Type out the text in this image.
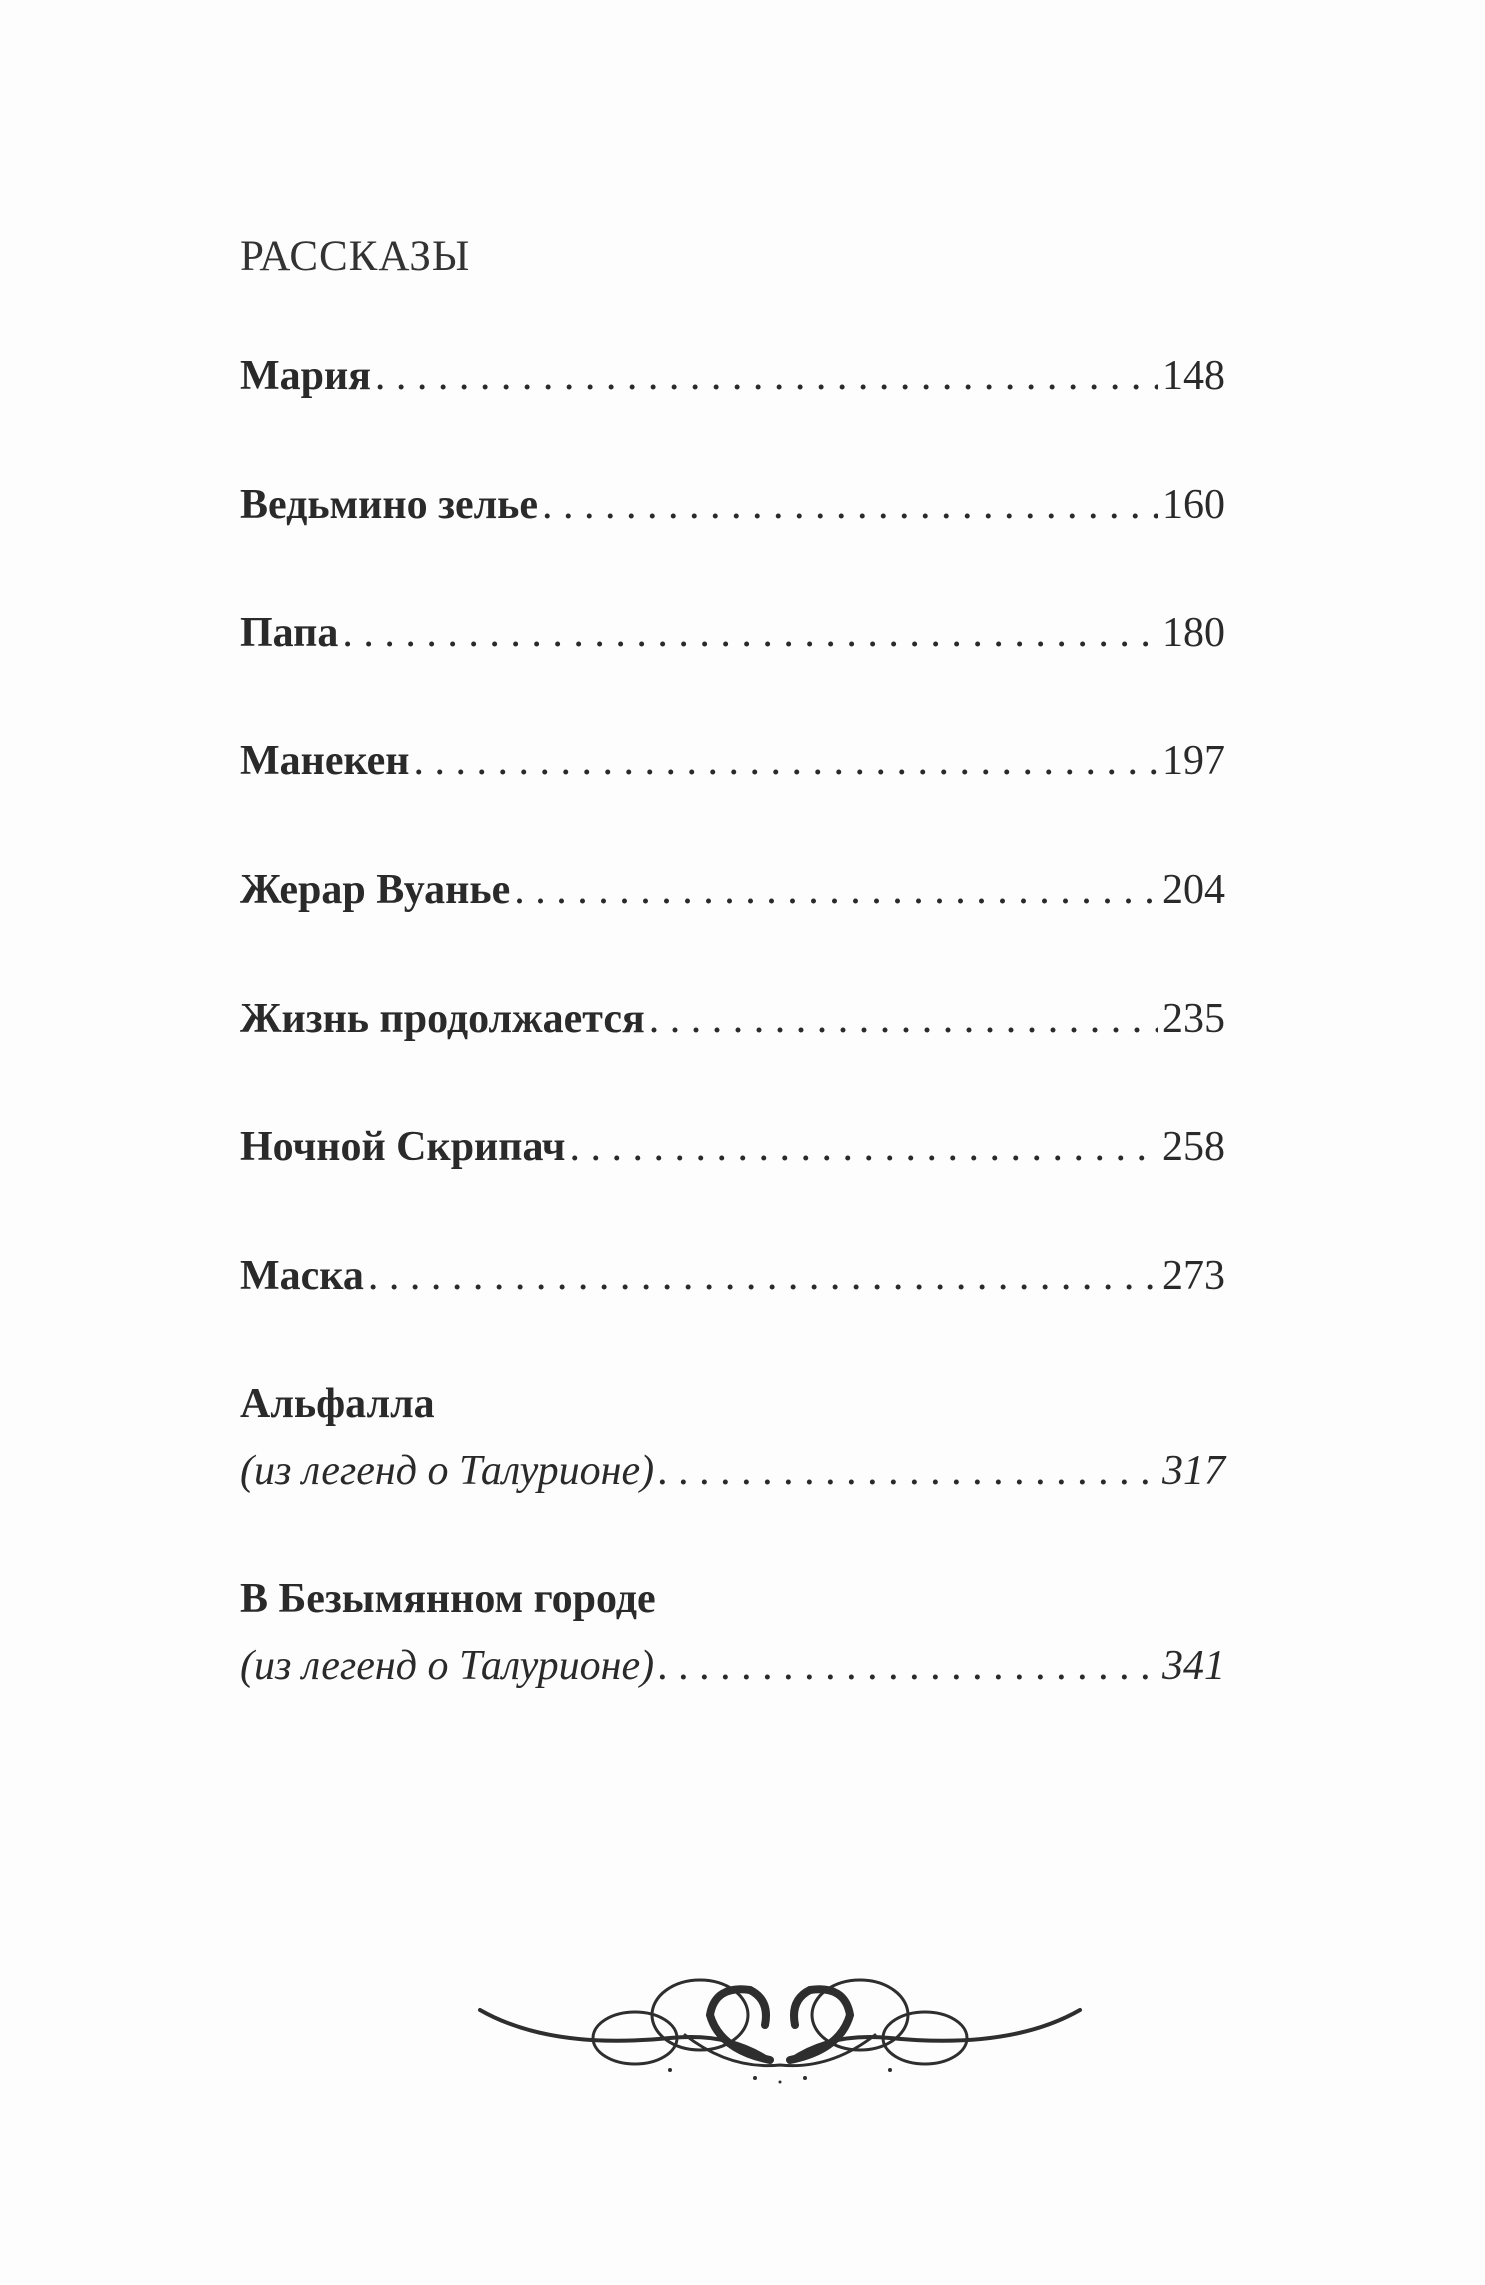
РАССКАЗЫ
Мария . . .	148
Ведьмино зелье . . .	160
Папа . . .	180
Манекен . . .	197
Жерар Вуанье . . .	204
Жизнь продолжается . . .	235
Ночной Скрипач . . .	258
Маска . . .	273
Альфалла
(из легенд о Талурионе) . . .	317
В Безымянном городе
(из легенд о Талурионе) . . .	341
